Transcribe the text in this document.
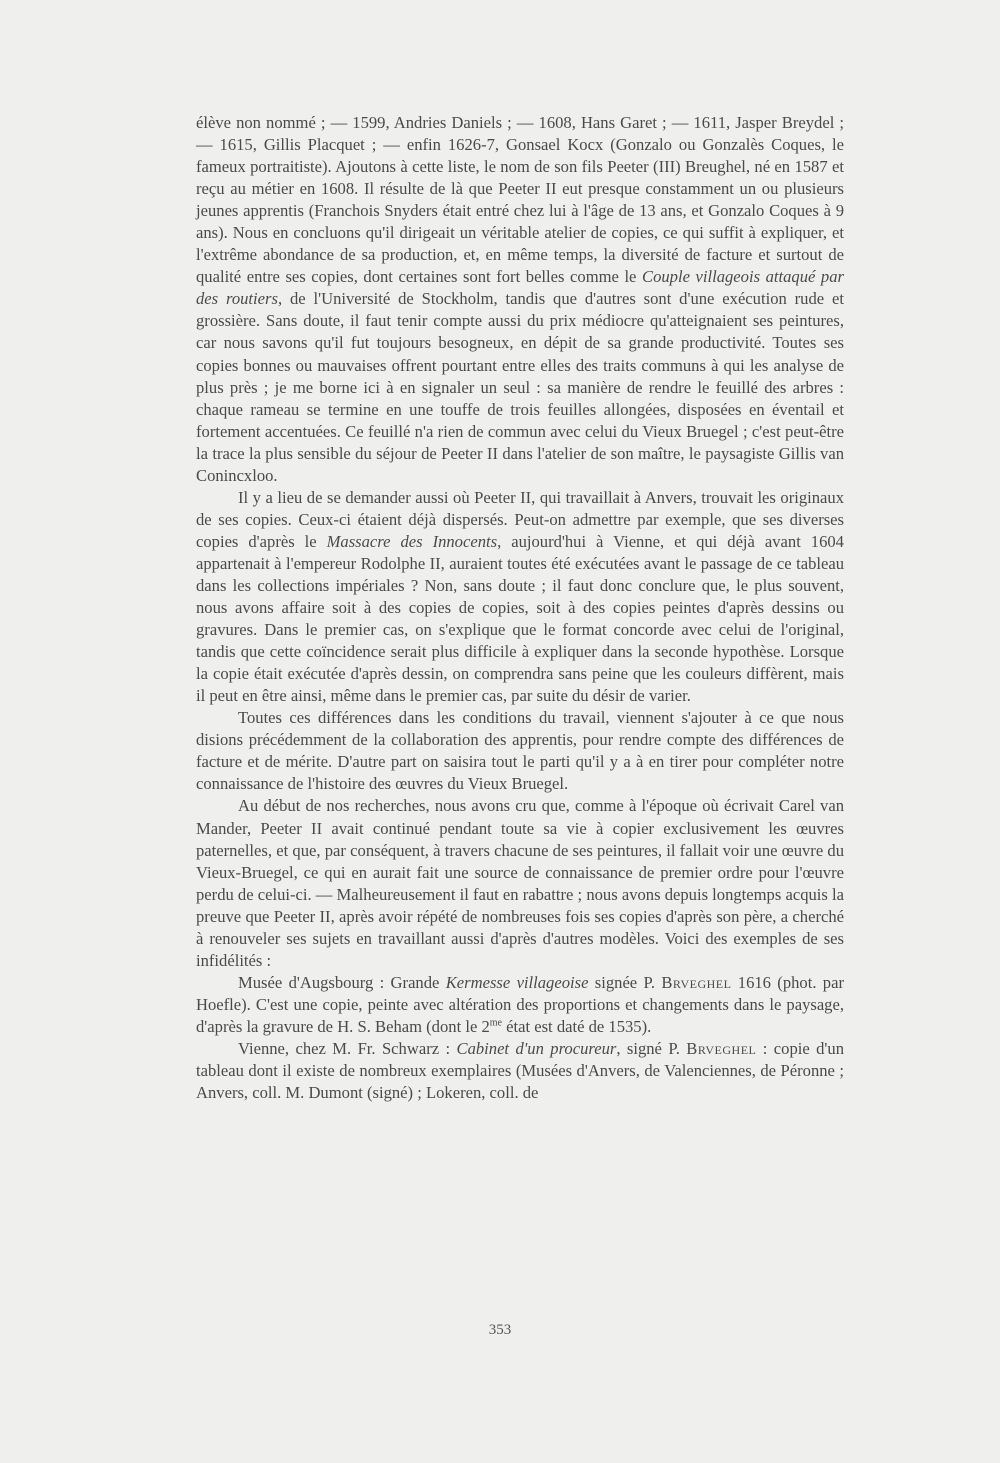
élève non nommé ; — 1599, Andries Daniels ; — 1608, Hans Garet ; — 1611, Jasper Breydel ; — 1615, Gillis Placquet ; — enfin 1626-7, Gonsael Kocx (Gonzalo ou Gonzalès Coques, le fameux portraitiste). Ajoutons à cette liste, le nom de son fils Peeter (III) Breughel, né en 1587 et reçu au métier en 1608. Il résulte de là que Peeter II eut presque constamment un ou plusieurs jeunes apprentis (Franchois Snyders était entré chez lui à l'âge de 13 ans, et Gonzalo Coques à 9 ans). Nous en concluons qu'il dirigeait un véritable atelier de copies, ce qui suffit à expliquer, et l'extrême abondance de sa production, et, en même temps, la diversité de facture et surtout de qualité entre ses copies, dont certaines sont fort belles comme le Couple villageois attaqué par des routiers, de l'Université de Stockholm, tandis que d'autres sont d'une exécution rude et grossière. Sans doute, il faut tenir compte aussi du prix médiocre qu'atteignaient ses peintures, car nous savons qu'il fut toujours besogneux, en dépit de sa grande productivité. Toutes ses copies bonnes ou mauvaises offrent pourtant entre elles des traits communs à qui les analyse de plus près ; je me borne ici à en signaler un seul : sa manière de rendre le feuillé des arbres : chaque rameau se termine en une touffe de trois feuilles allongées, disposées en éventail et fortement accentuées. Ce feuillé n'a rien de commun avec celui du Vieux Bruegel ; c'est peut-être la trace la plus sensible du séjour de Peeter II dans l'atelier de son maître, le paysagiste Gillis van Conincxloo.

Il y a lieu de se demander aussi où Peeter II, qui travaillait à Anvers, trouvait les originaux de ses copies. Ceux-ci étaient déjà dispersés. Peut-on admettre par exemple, que ses diverses copies d'après le Massacre des Innocents, aujourd'hui à Vienne, et qui déjà avant 1604 appartenait à l'empereur Rodolphe II, auraient toutes été exécutées avant le passage de ce tableau dans les collections impériales ? Non, sans doute ; il faut donc conclure que, le plus souvent, nous avons affaire soit à des copies de copies, soit à des copies peintes d'après dessins ou gravures. Dans le premier cas, on s'explique que le format concorde avec celui de l'original, tandis que cette coïncidence serait plus difficile à expliquer dans la seconde hypothèse. Lorsque la copie était exécutée d'après dessin, on comprendra sans peine que les couleurs diffèrent, mais il peut en être ainsi, même dans le premier cas, par suite du désir de varier.

Toutes ces différences dans les conditions du travail, viennent s'ajouter à ce que nous disions précédemment de la collaboration des apprentis, pour rendre compte des différences de facture et de mérite. D'autre part on saisira tout le parti qu'il y a à en tirer pour compléter notre connaissance de l'histoire des œuvres du Vieux Bruegel.

Au début de nos recherches, nous avons cru que, comme à l'époque où écrivait Carel van Mander, Peeter II avait continué pendant toute sa vie à copier exclusivement les œuvres paternelles, et que, par conséquent, à travers chacune de ses peintures, il fallait voir une œuvre du Vieux-Bruegel, ce qui en aurait fait une source de connaissance de premier ordre pour l'œuvre perdu de celui-ci. — Malheureusement il faut en rabattre ; nous avons depuis longtemps acquis la preuve que Peeter II, après avoir répété de nombreuses fois ses copies d'après son père, a cherché à renouveler ses sujets en travaillant aussi d'après d'autres modèles. Voici des exemples de ses infidélités :

Musée d'Augsbourg : Grande Kermesse villageoise signée P. Brveghel 1616 (phot. par Hoefle). C'est une copie, peinte avec altération des proportions et changements dans le paysage, d'après la gravure de H. S. Beham (dont le $2^{me}$ état est daté de 1535).

Vienne, chez M. Fr. Schwarz : Cabinet d'un procureur, signé P. Brveghel : copie d'un tableau dont il existe de nombreux exemplaires (Musées d'Anvers, de Valenciennes, de Péronne ; Anvers, coll. M. Dumont (signé) ; Lokeren, coll. de

353
